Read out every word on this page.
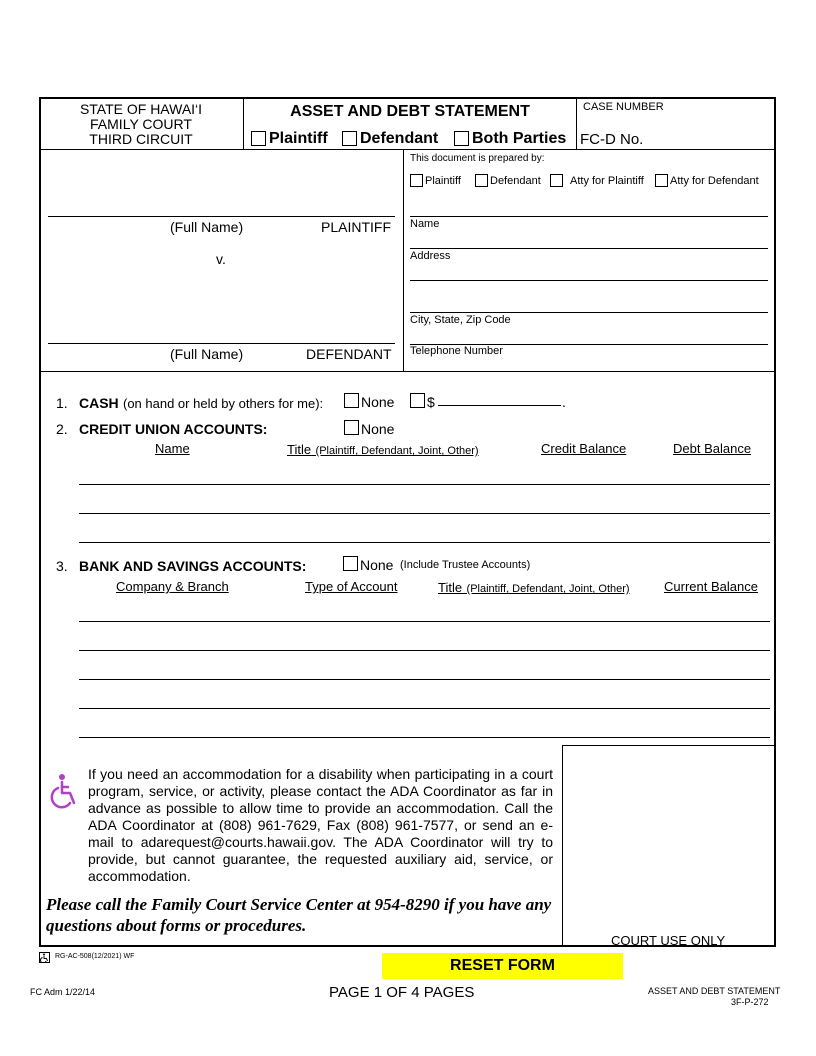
STATE OF HAWAI‘I
FAMILY COURT
THIRD CIRCUIT
ASSET AND DEBT STATEMENT
Plaintiff Defendant Both Parties
CASE NUMBER
FC-D No.
(Full Name)	PLAINTIFF
v.
(Full Name)	DEFENDANT
This document is prepared by:
Plaintiff	Defendant	Atty for Plaintiff Atty for Defendant
Name
Address
City, State, Zip Code
Telephone Number
1. CASH (on hand or held by others for me):	None $	.
2. CREDIT UNION ACCOUNTS:	None
Name	Title (Plaintiff, Defendant, Joint, Other)	Credit Balance	Debt Balance
3. BANK AND SAVINGS ACCOUNTS:	None (Include Trustee Accounts)
Company & Branch	Type of Account	Title (Plaintiff, Defendant, Joint, Other)	Current Balance
COURT USE ONLY
If you need an accommodation for a disability when participating in a court program, service, or activity, please contact the ADA Coordinator as far in advance as possible to allow time to provide an accommodation. Call the ADA Coordinator at (808) 961-7629, Fax (808) 961-7577, or send an e-mail to adarequest@courts.hawaii.gov. The ADA Coordinator will try to provide, but cannot guarantee, the requested auxiliary aid, service, or accommodation.
Please call the Family Court Service Center at 954-8290 if you have any questions about forms or procedures.
RG-AC-508(12/2021) WF
RESET FORM
FC Adm 1/22/14	PAGE 1 OF 4 PAGES	ASSET AND DEBT STATEMENT
3F-P-272
